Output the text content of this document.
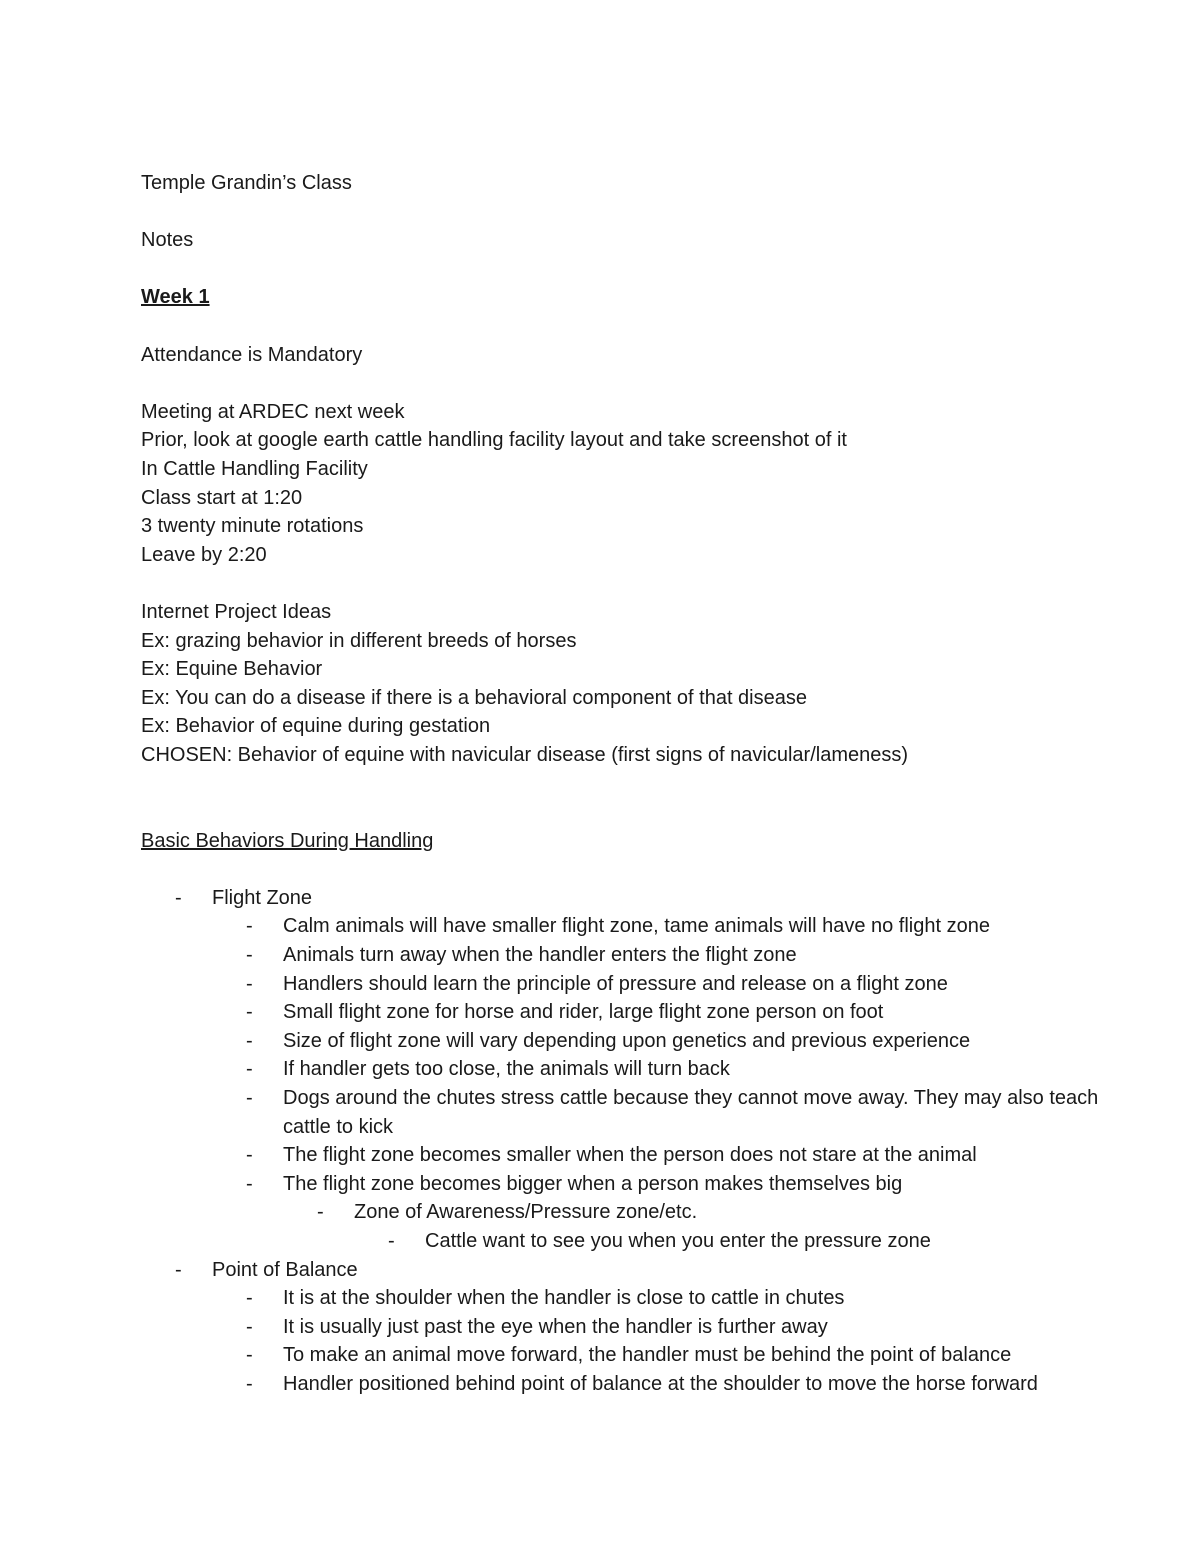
Temple Grandin’s Class
Notes
Week 1
Attendance is Mandatory
Meeting at ARDEC next week
Prior, look at google earth cattle handling facility layout and take screenshot of it
In Cattle Handling Facility
Class start at 1:20
3 twenty minute rotations
Leave by 2:20
Internet Project Ideas
Ex: grazing behavior in different breeds of horses
Ex: Equine Behavior
Ex: You can do a disease if there is a behavioral component of that disease
Ex: Behavior of equine during gestation
CHOSEN: Behavior of equine with navicular disease (first signs of navicular/lameness)
Basic Behaviors During Handling
-	Flight Zone
-	Calm animals will have smaller flight zone, tame animals will have no flight zone
-	Animals turn away when the handler enters the flight zone
-	Handlers should learn the principle of pressure and release on a flight zone
-	Small flight zone for horse and rider, large flight zone person on foot
-	Size of flight zone will vary depending upon genetics and previous experience
-	If handler gets too close, the animals will turn back
-	Dogs around the chutes stress cattle because they cannot move away. They may also teach cattle to kick
-	The flight zone becomes smaller when the person does not stare at the animal
-	The flight zone becomes bigger when a person makes themselves big
-	Zone of Awareness/Pressure zone/etc.
-	Cattle want to see you when you enter the pressure zone
-	Point of Balance
-	It is at the shoulder when the handler is close to cattle in chutes
-	It is usually just past the eye when the handler is further away
-	To make an animal move forward, the handler must be behind the point of balance
-	Handler positioned behind point of balance at the shoulder to move the horse forward
